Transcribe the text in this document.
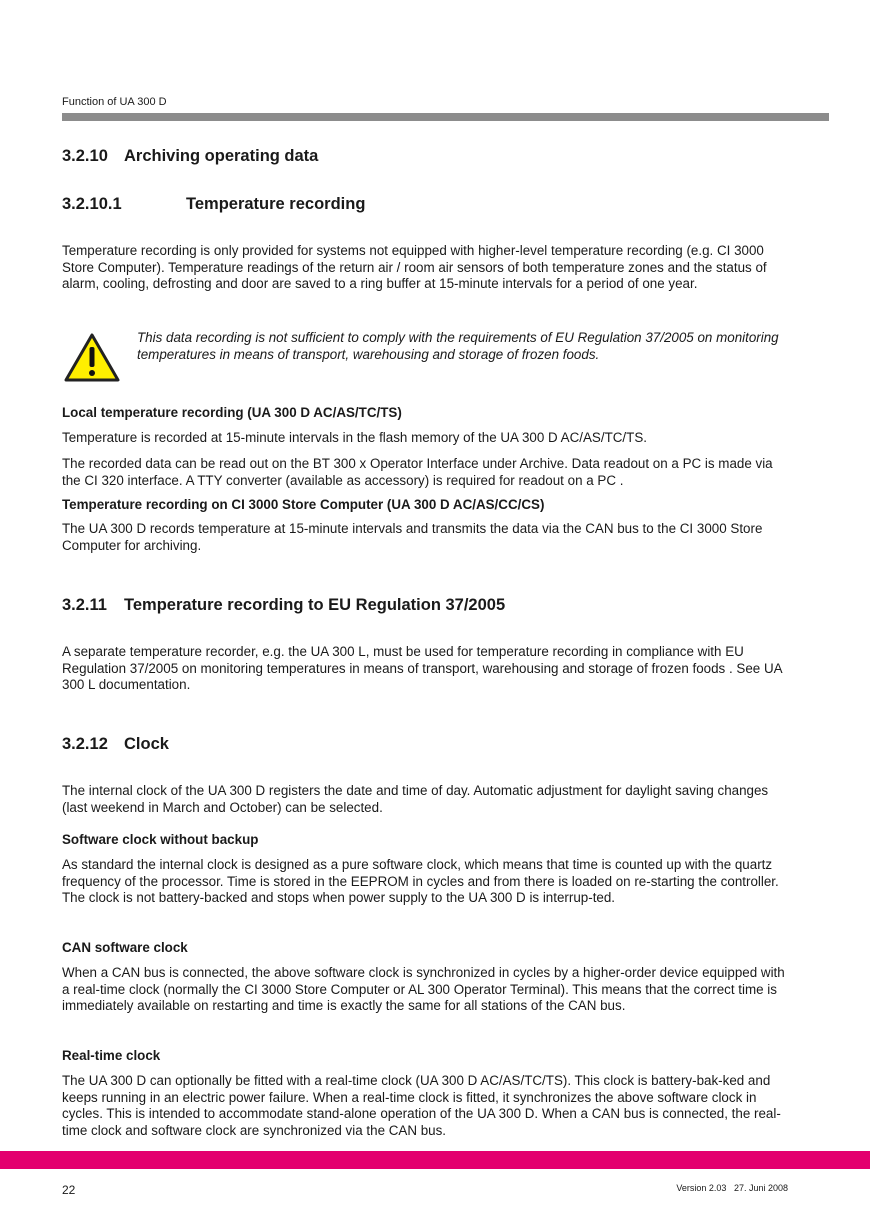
Function of UA 300 D
3.2.10 Archiving operating data
3.2.10.1	Temperature recording

Temperature recording is only provided for systems not equipped with higher-level temperature recording (e.g. CI 3000 Store Computer). Temperature readings of the return air / room air sensors of both temperature zones and the status of alarm, cooling, defrosting and door are saved to a ring buffer at 15-minute intervals for a period of one year.

This data recording is not sufficient to comply with the requirements of EU Regulation 37/2005 on monitoring temperatures in means of transport, warehousing and storage of frozen foods.

Local temperature recording (UA 300 D AC/AS/TC/TS)

Temperature is recorded at 15-minute intervals in the flash memory of the UA 300 D AC/AS/TC/TS.

The recorded data can be read out on the BT 300 x Operator Interface under Archive. Data readout on a PC is made via the CI 320 interface. A TTY converter (available as accessory) is required for readout on a PC .

Temperature recording on CI 3000 Store Computer (UA 300 D AC/AS/CC/CS)

The UA 300 D records temperature at 15-minute intervals and transmits the data via the CAN bus to the CI 3000 Store Computer for archiving.

3.2.11 Temperature recording to EU Regulation 37/2005

A separate temperature recorder, e.g. the UA 300 L, must be used for temperature recording in compliance with EU Regulation 37/2005 on monitoring temperatures in means of transport, warehousing and storage of frozen foods . See UA 300 L documentation.

3.2.12 Clock

The internal clock of the UA 300 D registers the date and time of day. Automatic adjustment for daylight saving changes (last weekend in March and October) can be selected.

Software clock without backup

As standard the internal clock is designed as a pure software clock, which means that time is counted up with the quartz frequency of the processor. Time is stored in the EEPROM in cycles and from there is loaded on re-starting the controller. The clock is not battery-backed and stops when power supply to the UA 300 D is interrup-ted.

CAN software clock

When a CAN bus is connected, the above software clock is synchronized in cycles by a higher-order device equipped with a real-time clock (normally the CI 3000 Store Computer or AL 300 Operator Terminal). This means that the correct time is immediately available on restarting and time is exactly the same for all stations of the CAN bus.

Real-time clock

The UA 300 D can optionally be fitted with a real-time clock (UA 300 D AC/AS/TC/TS). This clock is battery-bak-ked and keeps running in an electric power failure. When a real-time clock is fitted, it synchronizes the above software clock in cycles. This is intended to accommodate stand-alone operation of the UA 300 D. When a CAN bus is connected, the real-time clock and software clock are synchronized via the CAN bus.

22	Version 2.03   27. Juni 2008
